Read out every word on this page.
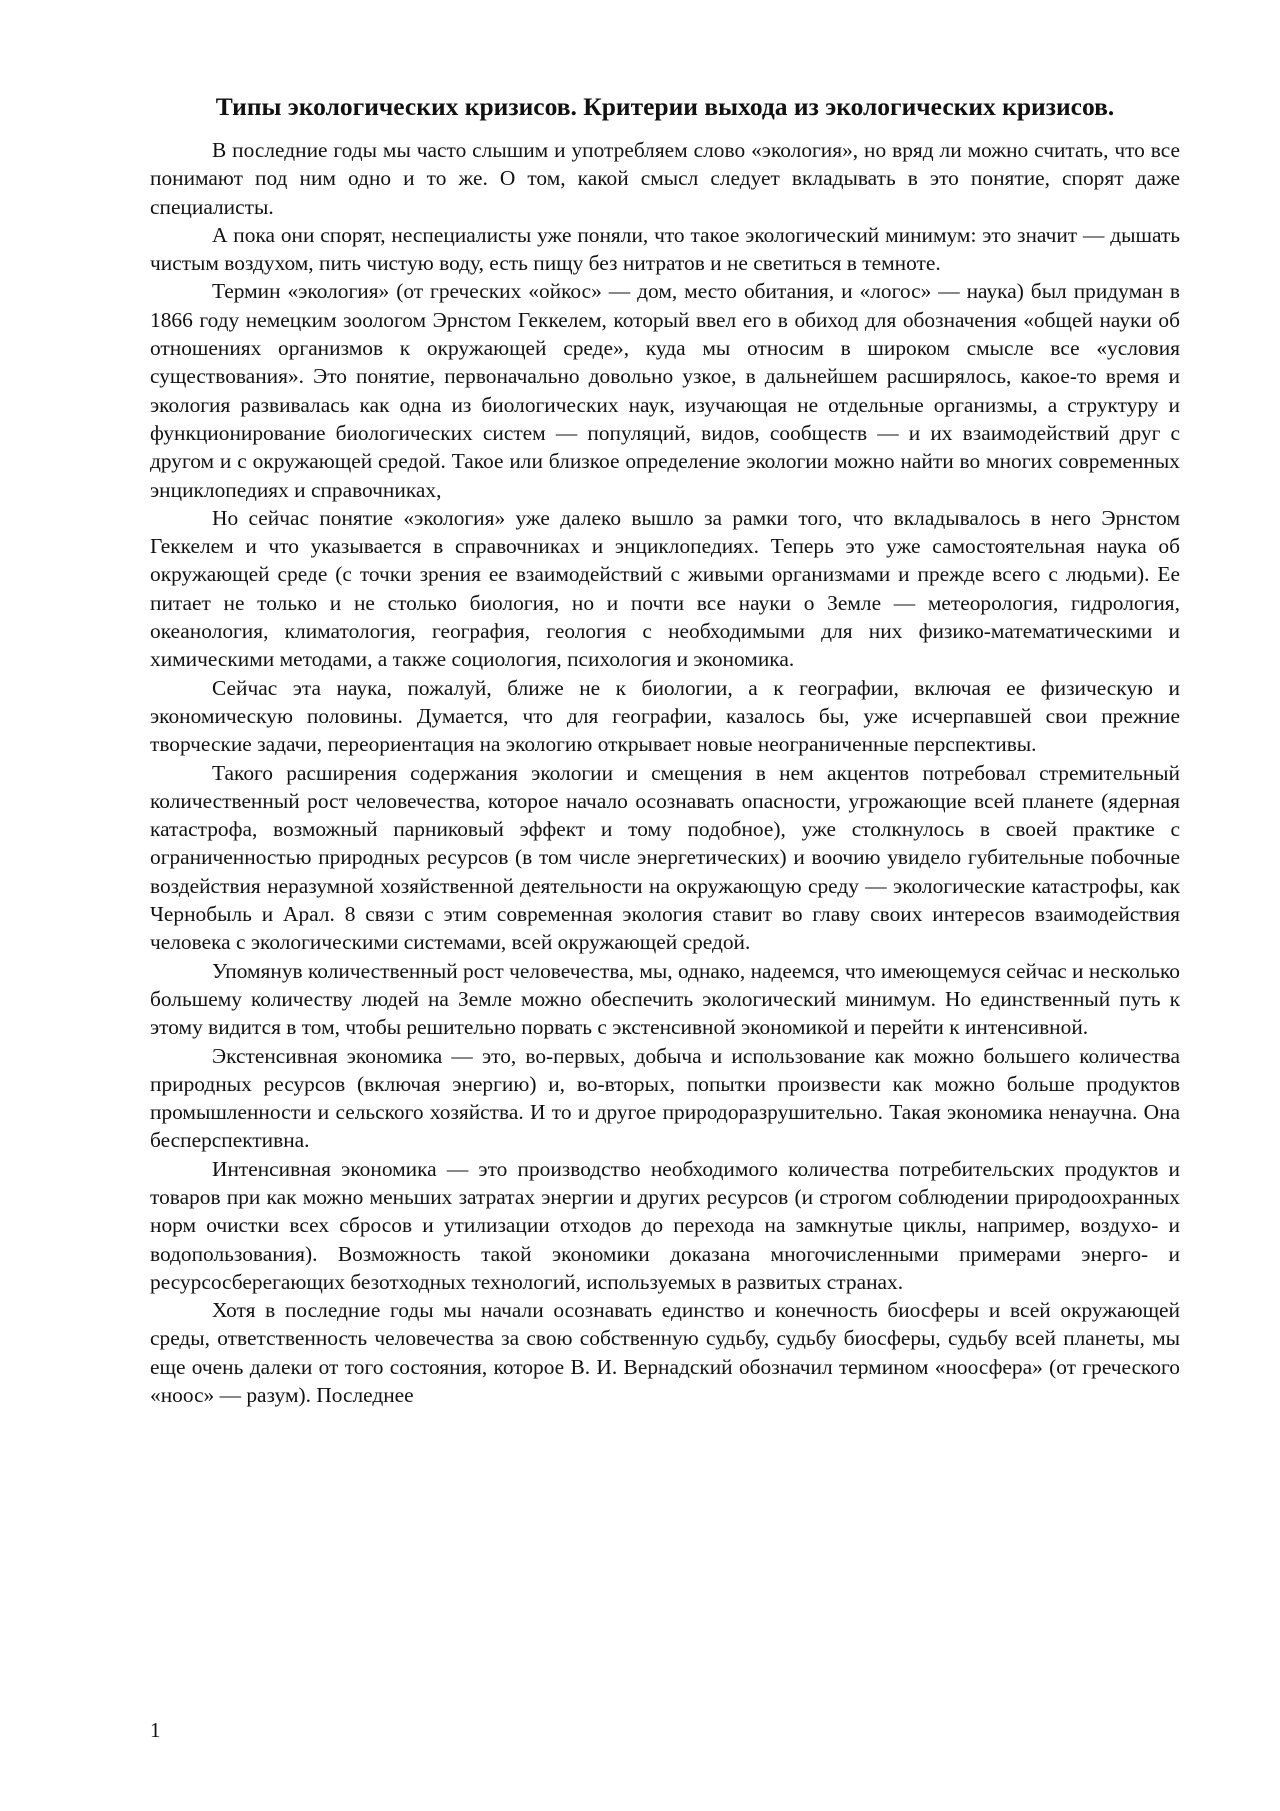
Типы экологических кризисов. Критерии выхода из экологических кризисов.

В последние годы мы часто слышим и употребляем слово «экология», но вряд ли можно считать, что все понимают под ним одно и то же. О том, какой смысл следует вкладывать в это понятие, спорят даже специалисты.

А пока они спорят, неспециалисты уже поняли, что такое экологический минимум: это значит — дышать чистым воздухом, пить чистую воду, есть пищу без нитратов и не светиться в темноте.

Термин «экология» (от греческих «ойкос» — дом, место обитания, и «логос» — наука) был придуман в 1866 году немецким зоологом Эрнстом Геккелем, который ввел его в обиход для обозначения «общей науки об отношениях организмов к окружающей среде», куда мы относим в широком смысле все «условия существования». Это понятие, первоначально довольно узкое, в дальнейшем расширялось, какое-то время и экология развивалась как одна из биологических наук, изучающая не отдельные организмы, а структуру и функционирование биологических систем — популяций, видов, сообществ — и их взаимодействий друг с другом и с окружающей средой. Такое или близкое определение экологии можно найти во многих современных энциклопедиях и справочниках,

Но сейчас понятие «экология» уже далеко вышло за рамки того, что вкладывалось в него Эрнстом Геккелем и что указывается в справочниках и энциклопедиях. Теперь это уже самостоятельная наука об окружающей среде (с точки зрения ее взаимодействий с живыми организмами и прежде всего с людьми). Ее питает не только и не столько биология, но и почти все науки о Земле — метеорология, гидрология, океанология, климатология, география, геология с необходимыми для них физико-математическими и химическими методами, а также социология, психология и экономика.

Сейчас эта наука, пожалуй, ближе не к биологии, а к географии, включая ее физическую и экономическую половины. Думается, что для географии, казалось бы, уже исчерпавшей свои прежние творческие задачи, переориентация на экологию открывает новые неограниченные перспективы.

Такого расширения содержания экологии и смещения в нем акцентов потребовал стремительный количественный рост человечества, которое начало осознавать опасности, угрожающие всей планете (ядерная катастрофа, возможный парниковый эффект и тому подобное), уже столкнулось в своей практике с ограниченностью природных ресурсов (в том числе энергетических) и воочию увидело губительные побочные воздействия неразумной хозяйственной деятельности на окружающую среду — экологические катастрофы, как Чернобыль и Арал. 8 связи с этим современная экология ставит во главу своих интересов взаимодействия человека с экологическими системами, всей окружающей средой.

Упомянув количественный рост человечества, мы, однако, надеемся, что имеющемуся сейчас и несколько большему количеству людей на Земле можно обеспечить экологический минимум. Но единственный путь к этому видится в том, чтобы решительно порвать с экстенсивной экономикой и перейти к интенсивной.

Экстенсивная экономика — это, во-первых, добыча и использование как можно большего количества природных ресурсов (включая энергию) и, во-вторых, попытки произвести как можно больше продуктов промышленности и сельского хозяйства. И то и другое природоразрушительно. Такая экономика ненаучна. Она бесперспективна.

Интенсивная экономика — это производство необходимого количества потребительских продуктов и товаров при как можно меньших затратах энергии и других ресурсов (и строгом соблюдении природоохранных норм очистки всех сбросов и утилизации отходов до перехода на замкнутые циклы, например, воздухо- и водопользования). Возможность такой экономики доказана многочисленными примерами энерго- и ресурсосберегающих безотходных технологий, используемых в развитых странах.

Хотя в последние годы мы начали осознавать единство и конечность биосферы и всей окружающей среды, ответственность человечества за свою собственную судьбу, судьбу биосферы, судьбу всей планеты, мы еще очень далеки от того состояния, которое В. И. Вернадский обозначил термином «ноосфера» (от греческого «ноос» — разум). Последнее

1
